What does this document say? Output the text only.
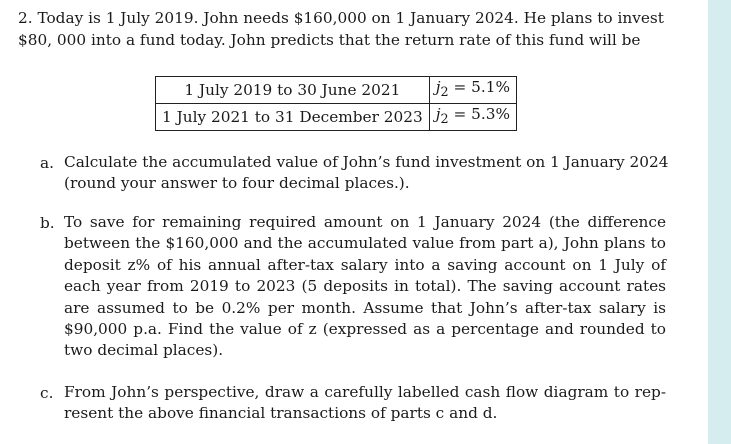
2. Today is 1 July 2019. John needs $160,000 on 1 January 2024. He plans to invest
$80, 000 into a fund today. John predicts that the return rate of this fund will be
1 July 2019 to 30 June 2021	$j_2 = 5.1\%$
1 July 2021 to 31 December 2023	$j_2 = 5.3\%$
a. Calculate the accumulated value of John’s fund investment on 1 January 2024
(round your answer to four decimal places.).
b. To save for remaining required amount on 1 January 2024 (the difference
between the $160,000 and the accumulated value from part a), John plans to
deposit z% of his annual after-tax salary into a saving account on 1 July of
each year from 2019 to 2023 (5 deposits in total). The saving account rates
are assumed to be 0.2% per month. Assume that John’s after-tax salary is
$90,000 p.a. Find the value of z (expressed as a percentage and rounded to
two decimal places).
c. From John’s perspective, draw a carefully labelled cash flow diagram to rep-
resent the above financial transactions of parts c and d.
